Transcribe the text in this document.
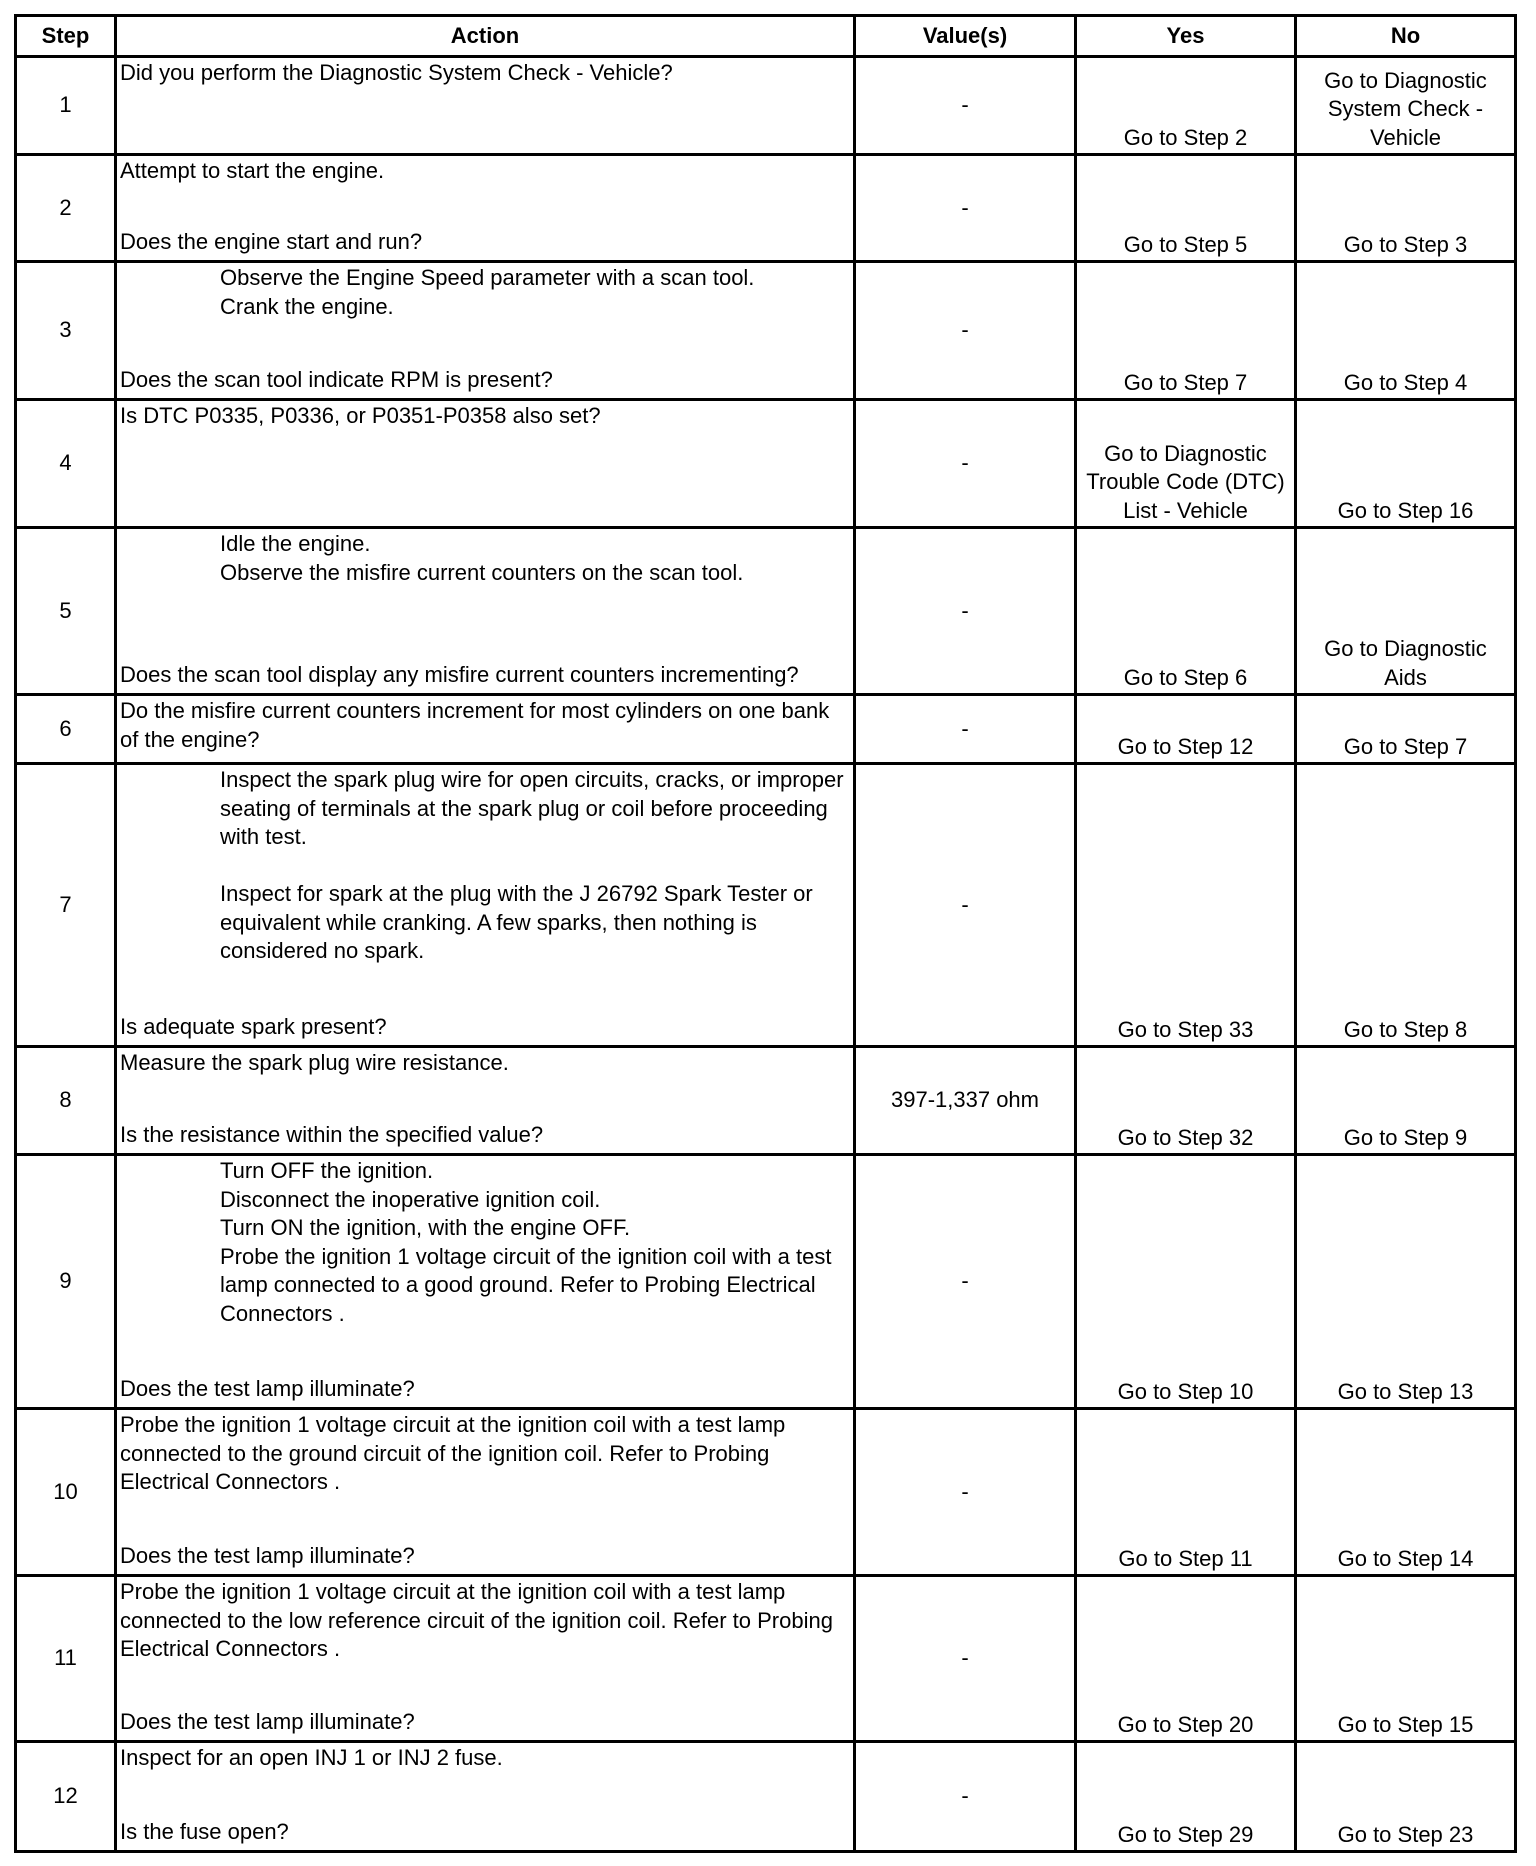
Step	Action	Value(s)	Yes	No
1	Did you perform the Diagnostic System Check - Vehicle?	-	Go to Step 2	Go to Diagnostic System Check - Vehicle
2	Attempt to start the engine.
Does the engine start and run?	-	Go to Step 5	Go to Step 3
3	Observe the Engine Speed parameter with a scan tool.
Crank the engine.
Does the scan tool indicate RPM is present?	-	Go to Step 7	Go to Step 4
4	Is DTC P0335, P0336, or P0351-P0358 also set?	-	Go to Diagnostic Trouble Code (DTC) List - Vehicle	Go to Step 16
5	Idle the engine.
Observe the misfire current counters on the scan tool.
Does the scan tool display any misfire current counters incrementing?	-	Go to Step 6	Go to Diagnostic Aids
6	Do the misfire current counters increment for most cylinders on one bank of the engine?	-	Go to Step 12	Go to Step 7
7	Inspect the spark plug wire for open circuits, cracks, or improper seating of terminals at the spark plug or coil before proceeding with test.
Inspect for spark at the plug with the J 26792 Spark Tester or equivalent while cranking. A few sparks, then nothing is considered no spark.
Is adequate spark present?	-	Go to Step 33	Go to Step 8
8	Measure the spark plug wire resistance.
Is the resistance within the specified value?	397-1,337 ohm	Go to Step 32	Go to Step 9
9	Turn OFF the ignition.
Disconnect the inoperative ignition coil.
Turn ON the ignition, with the engine OFF.
Probe the ignition 1 voltage circuit of the ignition coil with a test lamp connected to a good ground. Refer to Probing Electrical Connectors .
Does the test lamp illuminate?	-	Go to Step 10	Go to Step 13
10	Probe the ignition 1 voltage circuit at the ignition coil with a test lamp connected to the ground circuit of the ignition coil. Refer to Probing Electrical Connectors .
Does the test lamp illuminate?	-	Go to Step 11	Go to Step 14
11	Probe the ignition 1 voltage circuit at the ignition coil with a test lamp connected to the low reference circuit of the ignition coil. Refer to Probing Electrical Connectors .
Does the test lamp illuminate?	-	Go to Step 20	Go to Step 15
12	Inspect for an open INJ 1 or INJ 2 fuse.
Is the fuse open?	-	Go to Step 29	Go to Step 23
